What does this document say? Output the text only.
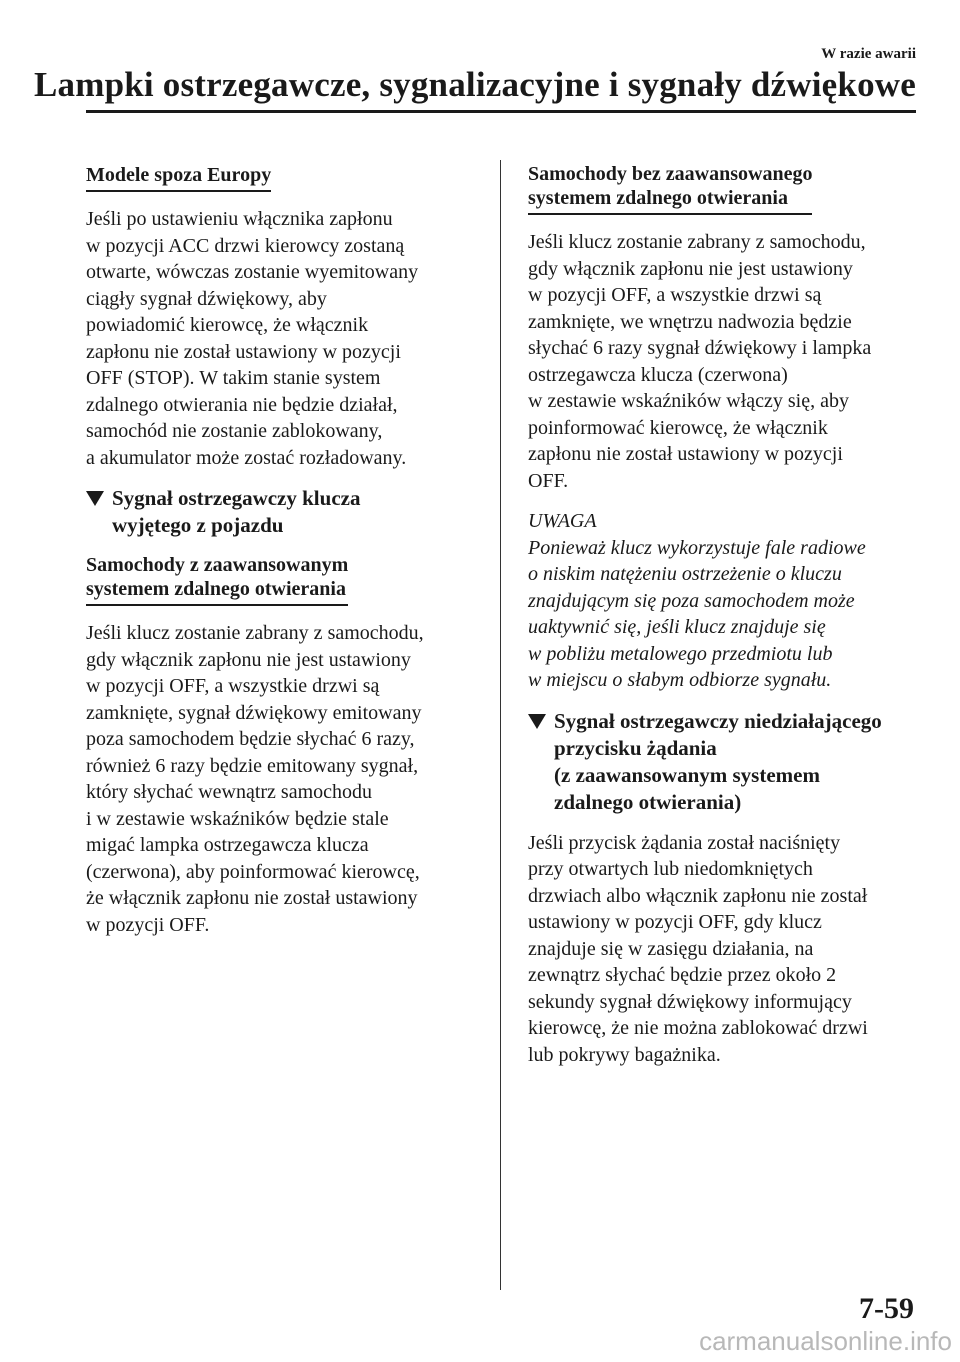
W razie awarii
Lampki ostrzegawcze, sygnalizacyjne i sygnały dźwiękowe
Modele spoza Europy

Jeśli po ustawieniu włącznika zapłonu
w pozycji ACC drzwi kierowcy zostaną
otwarte, wówczas zostanie wyemitowany
ciągły sygnał dźwiękowy, aby
powiadomić kierowcę, że włącznik
zapłonu nie został ustawiony w pozycji
OFF (STOP). W takim stanie system
zdalnego otwierania nie będzie działał,
samochód nie zostanie zablokowany,
a akumulator może zostać rozładowany.

Sygnał ostrzegawczy klucza
wyjętego z pojazdu
Samochody z zaawansowanym
systemem zdalnego otwierania

Jeśli klucz zostanie zabrany z samochodu,
gdy włącznik zapłonu nie jest ustawiony
w pozycji OFF, a wszystkie drzwi są
zamknięte, sygnał dźwiękowy emitowany
poza samochodem będzie słychać 6 razy,
również 6 razy będzie emitowany sygnał,
który słychać wewnątrz samochodu
i w zestawie wskaźników będzie stale
migać lampka ostrzegawcza klucza
(czerwona), aby poinformować kierowcę,
że włącznik zapłonu nie został ustawiony
w pozycji OFF.

Samochody bez zaawansowanego
systemem zdalnego otwierania

Jeśli klucz zostanie zabrany z samochodu,
gdy włącznik zapłonu nie jest ustawiony
w pozycji OFF, a wszystkie drzwi są
zamknięte, we wnętrzu nadwozia będzie
słychać 6 razy sygnał dźwiękowy i lampka
ostrzegawcza klucza (czerwona)
w zestawie wskaźników włączy się, aby
poinformować kierowcę, że włącznik
zapłonu nie został ustawiony w pozycji
OFF.

UWAGA

Ponieważ klucz wykorzystuje fale radiowe
o niskim natężeniu ostrzeżenie o kluczu
znajdującym się poza samochodem może
uaktywnić się, jeśli klucz znajduje się
w pobliżu metalowego przedmiotu lub
w miejscu o słabym odbiorze sygnału.

Sygnał ostrzegawczy niedziałającego
przycisku żądania
(z zaawansowanym systemem
zdalnego otwierania)

Jeśli przycisk żądania został naciśnięty
przy otwartych lub niedomkniętych
drzwiach albo włącznik zapłonu nie został
ustawiony w pozycji OFF, gdy klucz
znajduje się w zasięgu działania, na
zewnątrz słychać będzie przez około 2
sekundy sygnał dźwiękowy informujący
kierowcę, że nie można zablokować drzwi
lub pokrywy bagażnika.

7-59
carmanualsonline.info
